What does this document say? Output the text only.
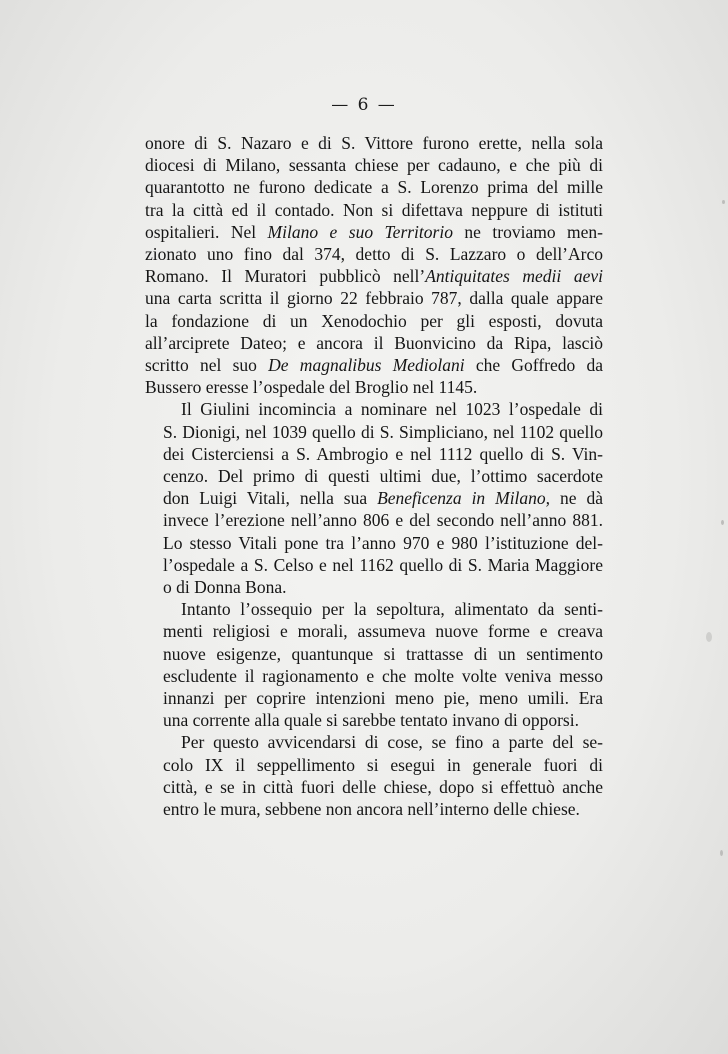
— 6 —

onore di S. Nazaro e di S. Vittore furono erette, nella sola
diocesi di Milano, sessanta chiese per cadauno, e che più di
quarantotto ne furono dedicate a S. Lorenzo prima del mille
tra la città ed il contado. Non si difettava neppure di istituti
ospitalieri. Nel Milano e suo Territorio ne troviamo men-
zionato uno fino dal 374, detto di S. Lazzaro o dell’Arco
Romano. Il Muratori pubblicò nell’Antiquitates medii aevi
una carta scritta il giorno 22 febbraio 787, dalla quale appare
la fondazione di un Xenodochio per gli esposti, dovuta
all’arciprete Dateo; e ancora il Buonvicino da Ripa, lasciò
scritto nel suo De magnalibus Mediolani che Goffredo da
Bussero eresse l’ospedale del Broglio nel 1145.

Il Giulini incomincia a nominare nel 1023 l’ospedale di
S. Dionigi, nel 1039 quello di S. Simpliciano, nel 1102 quello
dei Cisterciensi a S. Ambrogio e nel 1112 quello di S. Vin-
cenzo. Del primo di questi ultimi due, l’ottimo sacerdote
don Luigi Vitali, nella sua Beneficenza in Milano, ne dà
invece l’erezione nell’anno 806 e del secondo nell’anno 881.
Lo stesso Vitali pone tra l’anno 970 e 980 l’istituzione del-
l’ospedale a S. Celso e nel 1162 quello di S. Maria Maggiore
o di Donna Bona.

Intanto l’ossequio per la sepoltura, alimentato da senti-
menti religiosi e morali, assumeva nuove forme e creava
nuove esigenze, quantunque si trattasse di un sentimento
escludente il ragionamento e che molte volte veniva messo
innanzi per coprire intenzioni meno pie, meno umili. Era
una corrente alla quale si sarebbe tentato invano di opporsi.

Per questo avvicendarsi di cose, se fino a parte del se-
colo IX il seppellimento si esegui in generale fuori di
città, e se in città fuori delle chiese, dopo si effettuò anche
entro le mura, sebbene non ancora nell’interno delle chiese.
